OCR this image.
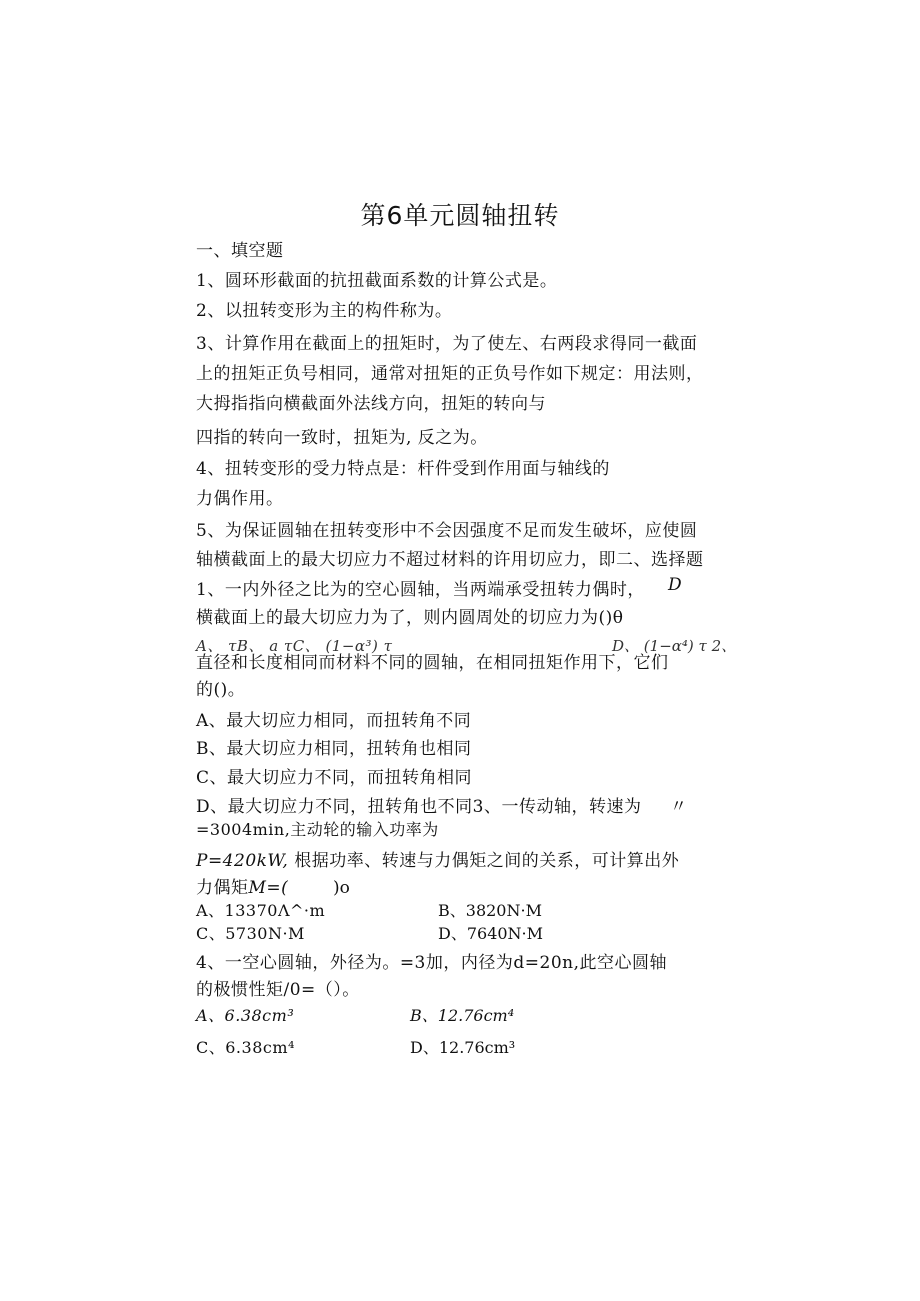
第6单元圆轴扭转
一、填空题
1、圆环形截面的抗扭截面系数的计算公式是。
2、以扭转变形为主的构件称为。
3、计算作用在截面上的扭矩时，为了使左、右两段求得同一截面
上的扭矩正负号相同，通常对扭矩的正负号作如下规定：用法则，
大拇指指向横截面外法线方向，扭矩的转向与
四指的转向一致时，扭矩为, 反之为。
4、扭转变形的受力特点是：杆件受到作用面与轴线的
力偶作用。
5、为保证圆轴在扭转变形中不会因强度不足而发生破坏，应使圆
轴横截面上的最大切应力不超过材料的许用切应力，即二、选择题
1、一内外径之比为的空心圆轴，当两端承受扭转力偶时， D
横截面上的最大切应力为了，则内圆周处的切应力为()θ
A、 τB、 a τC、 (1−α³) τ	D、 (1−α⁴) τ 2、
直径和长度相同而材料不同的圆轴，在相同扭矩作用下，它们
的()。
A、最大切应力相同，而扭转角不同
B、最大切应力相同，扭转角也相同
C、最大切应力不同，而扭转角相同
D、最大切应力不同，扭转角也不同3、一传动轴，转速为 〃
=3004min,主动轮的输入功率为
P=420kW, 根据功率、转速与力偶矩之间的关系，可计算出外
力偶矩M=(	)o
A、13370Λ^·m	B、3820N·M
C、5730N·M	D、7640N·M
4、一空心圆轴，外径为。=3加，内径为d=20n,此空心圆轴
的极惯性矩/0=（）。
A、6.38cm³	B、12.76cm⁴
C、6.38cm⁴	D、12.76cm³
